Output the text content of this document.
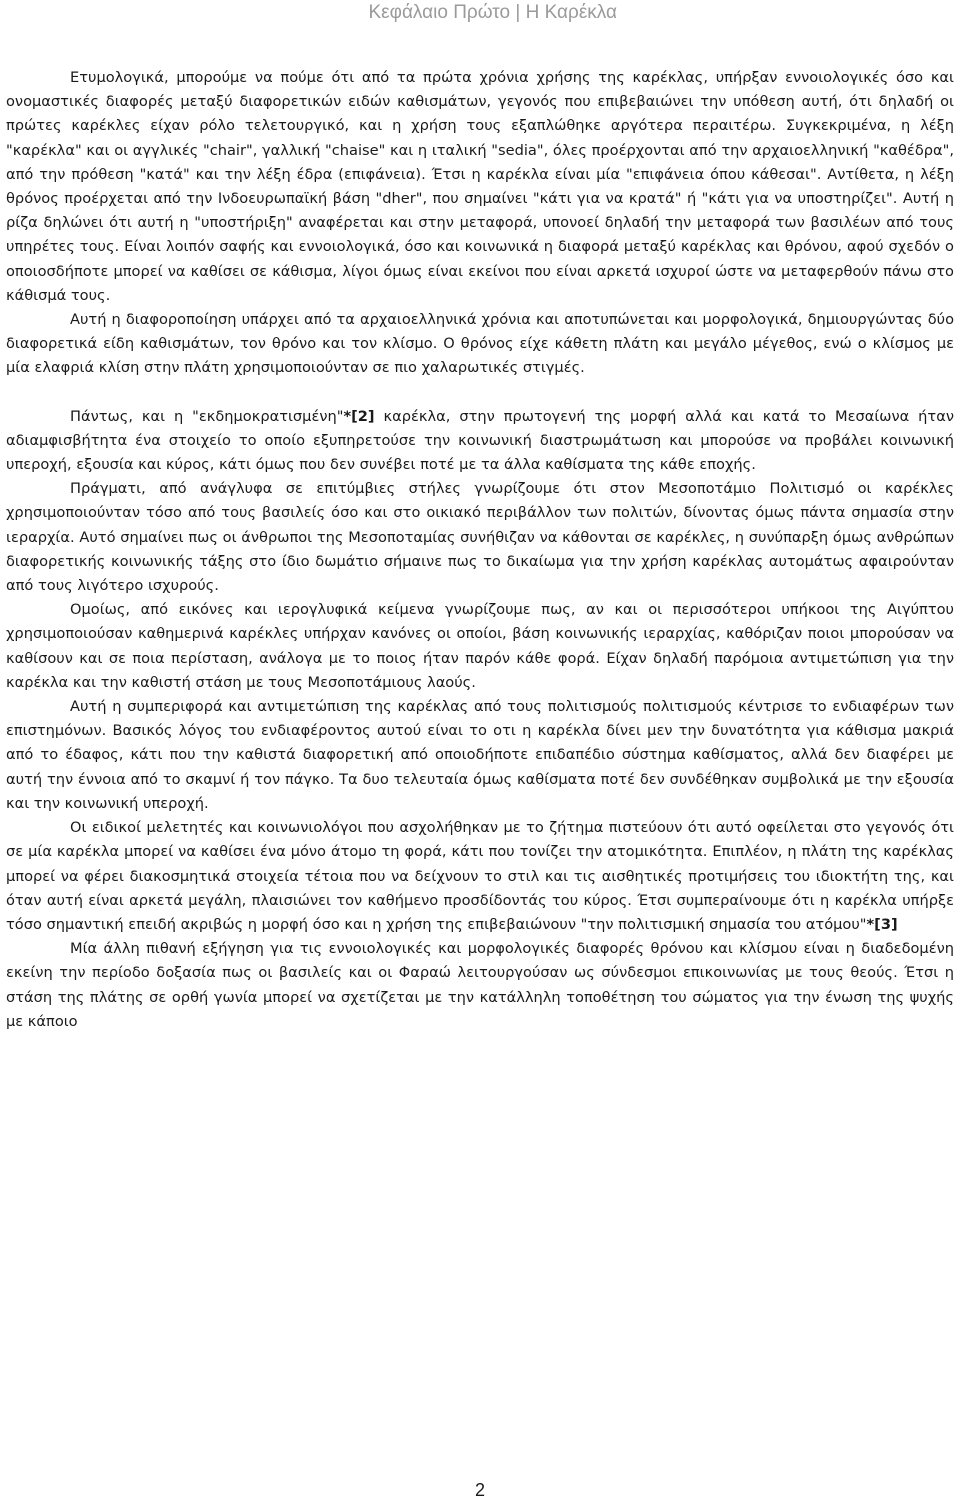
Κεφάλαιο Πρώτο | Η Καρέκλα

Ετυμολογικά, μπορούμε να πούμε ότι από τα πρώτα χρόνια χρήσης της καρέκλας, υπήρξαν εννοιολογικές όσο και ονομαστικές διαφορές μεταξύ διαφορετικών ειδών καθισμάτων, γεγονός που επιβεβαιώνει την υπόθεση αυτή, ότι δηλαδή οι πρώτες καρέκλες είχαν ρόλο τελετουργικό, και η χρήση τους εξαπλώθηκε αργότερα περαιτέρω. Συγκεκριμένα, η λέξη "καρέκλα" και οι αγγλικές "chair", γαλλική "chaise" και η ιταλική "sedia", όλες προέρχονται από την αρχαιοελληνική "καθέδρα", από την πρόθεση "κατά" και την λέξη έδρα (επιφάνεια). Έτσι η καρέκλα είναι μία "επιφάνεια όπου κάθεσαι". Αντίθετα, η λέξη θρόνος προέρχεται από την Ινδοευρωπαϊκή βάση "dher", που σημαίνει "κάτι για να κρατά" ή "κάτι για να υποστηρίζει". Αυτή η ρίζα δηλώνει ότι αυτή η "υποστήριξη" αναφέρεται και στην μεταφορά, υπονοεί δηλαδή την μεταφορά των βασιλέων από τους υπηρέτες τους. Είναι λοιπόν σαφής και εννοιολογικά, όσο και κοινωνικά η διαφορά μεταξύ καρέκλας και θρόνου, αφού σχεδόν ο οποιοσδήποτε μπορεί να καθίσει σε κάθισμα, λίγοι όμως είναι εκείνοι που είναι αρκετά ισχυροί ώστε να μεταφερθούν πάνω στο κάθισμά τους.

Αυτή η διαφοροποίηση υπάρχει από τα αρχαιοελληνικά χρόνια και αποτυπώνεται και μορφολογικά, δημιουργώντας δύο διαφορετικά είδη καθισμάτων, τον θρόνο και τον κλίσμο. Ο θρόνος είχε κάθετη πλάτη και μεγάλο μέγεθος, ενώ ο κλίσμος με μία ελαφριά κλίση στην πλάτη χρησιμοποιούνταν σε πιο χαλαρωτικές στιγμές.

Πάντως, και η "εκδημοκρατισμένη"*[2] καρέκλα, στην πρωτογενή της μορφή αλλά και κατά το Μεσαίωνα ήταν αδιαμφισβήτητα ένα στοιχείο το οποίο εξυπηρετούσε την κοινωνική διαστρωμάτωση και μπορούσε να προβάλει κοινωνική υπεροχή, εξουσία και κύρος, κάτι όμως που δεν συνέβει ποτέ με τα άλλα καθίσματα της κάθε εποχής.

Πράγματι, από ανάγλυφα σε επιτύμβιες στήλες γνωρίζουμε ότι στον Μεσοποτάμιο Πολιτισμό οι καρέκλες χρησιμοποιούνταν τόσο από τους βασιλείς όσο και στο οικιακό περιβάλλον των πολιτών, δίνοντας όμως πάντα σημασία στην ιεραρχία. Αυτό σημαίνει πως οι άνθρωποι της Μεσοποταμίας συνήθιζαν να κάθονται σε καρέκλες, η συνύπαρξη όμως ανθρώπων διαφορετικής κοινωνικής τάξης στο ίδιο δωμάτιο σήμαινε πως το δικαίωμα για την χρήση καρέκλας αυτομάτως αφαιρούνταν από τους λιγότερο ισχυρούς.

Ομοίως, από εικόνες και ιερογλυφικά κείμενα γνωρίζουμε πως, αν και οι περισσότεροι υπήκοοι της Αιγύπτου χρησιμοποιούσαν καθημερινά καρέκλες υπήρχαν κανόνες οι οποίοι, βάση κοινωνικής ιεραρχίας, καθόριζαν ποιοι μπορούσαν να καθίσουν και σε ποια περίσταση, ανάλογα με το ποιος ήταν παρόν κάθε φορά. Είχαν δηλαδή παρόμοια αντιμετώπιση για την καρέκλα και την καθιστή στάση με τους Μεσοποτάμιους λαούς.

Αυτή η συμπεριφορά και αντιμετώπιση της καρέκλας από τους πολιτισμούς πολιτισμούς κέντρισε το ενδιαφέρων των επιστημόνων. Βασικός λόγος του ενδιαφέροντος αυτού είναι το οτι η καρέκλα δίνει μεν την δυνατότητα για κάθισμα μακριά από το έδαφος, κάτι που την καθιστά διαφορετική από οποιοδήποτε επιδαπέδιο σύστημα καθίσματος, αλλά δεν διαφέρει με αυτή την έννοια από το σκαμνί ή τον πάγκο. Τα δυο τελευταία όμως καθίσματα ποτέ δεν συνδέθηκαν συμβολικά με την εξουσία και την κοινωνική υπεροχή.

Οι ειδικοί μελετητές και κοινωνιολόγοι που ασχολήθηκαν με το ζήτημα πιστεύουν ότι αυτό οφείλεται στο γεγονός ότι σε μία καρέκλα μπορεί να καθίσει ένα μόνο άτομο τη φορά, κάτι που τονίζει την ατομικότητα. Επιπλέον, η πλάτη της καρέκλας μπορεί να φέρει διακοσμητικά στοιχεία τέτοια που να δείχνουν το στιλ και τις αισθητικές προτιμήσεις του ιδιοκτήτη της, και όταν αυτή είναι αρκετά μεγάλη, πλαισιώνει τον καθήμενο προσδίδοντάς του κύρος. Έτσι συμπεραίνουμε ότι η καρέκλα υπήρξε τόσο σημαντική επειδή ακριβώς η μορφή όσο και η χρήση της επιβεβαιώνουν "την πολιτισμική σημασία του ατόμου"*[3]

Μία άλλη πιθανή εξήγηση για τις εννοιολογικές και μορφολογικές διαφορές θρόνου και κλίσμου είναι η διαδεδομένη εκείνη την περίοδο δοξασία πως οι βασιλείς και οι Φαραώ λειτουργούσαν ως σύνδεσμοι επικοινωνίας με τους θεούς. Έτσι η στάση της πλάτης σε ορθή γωνία μπορεί να σχετίζεται με την κατάλληλη τοποθέτηση του σώματος για την ένωση της ψυχής με κάποιο

2
